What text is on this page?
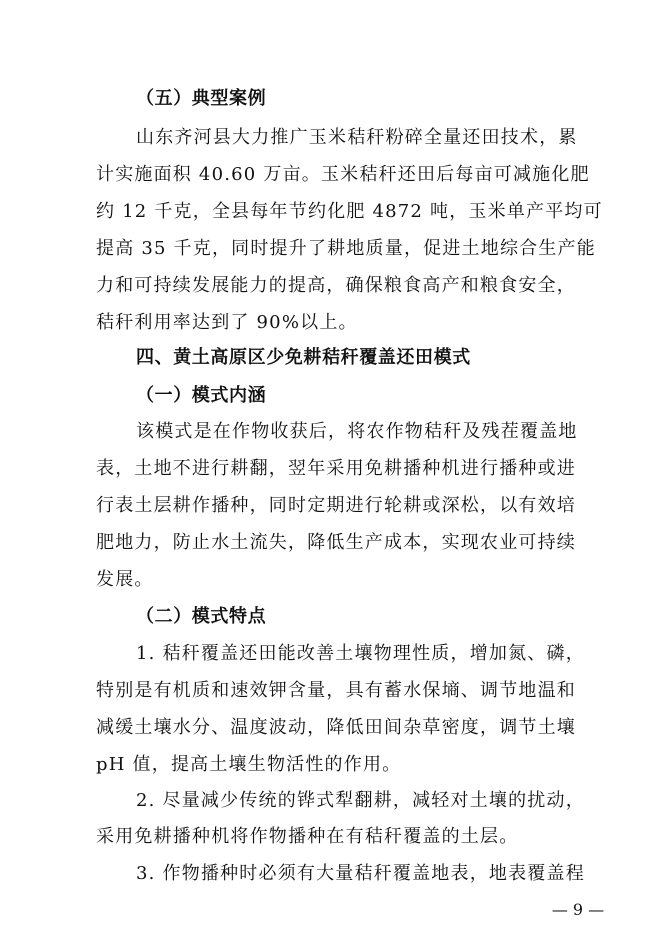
（五）典型案例
山东齐河县大力推广玉米秸秆粉碎全量还田技术，累
计实施面积 40.60 万亩。玉米秸秆还田后每亩可减施化肥
约 12 千克，全县每年节约化肥 4872 吨，玉米单产平均可
提高 35 千克，同时提升了耕地质量，促进土地综合生产能
力和可持续发展能力的提高，确保粮食高产和粮食安全，
秸秆利用率达到了 90%以上。
四、黄土高原区少免耕秸秆覆盖还田模式
（一）模式内涵
该模式是在作物收获后，将农作物秸秆及残茬覆盖地
表，土地不进行耕翻，翌年采用免耕播种机进行播种或进
行表土层耕作播种，同时定期进行轮耕或深松，以有效培
肥地力，防止水土流失，降低生产成本，实现农业可持续
发展。
（二）模式特点
1. 秸秆覆盖还田能改善土壤物理性质，增加氮、磷，
特别是有机质和速效钾含量，具有蓄水保墒、调节地温和
减缓土壤水分、温度波动，降低田间杂草密度，调节土壤
pH 值，提高土壤生物活性的作用。
2. 尽量减少传统的铧式犁翻耕，减轻对土壤的扰动，
采用免耕播种机将作物播种在有秸秆覆盖的土层。
3. 作物播种时必须有大量秸秆覆盖地表，地表覆盖程
— 9 —
